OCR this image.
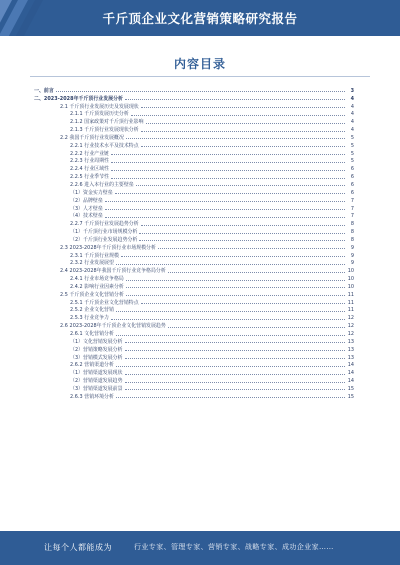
千斤顶企业文化营销策略研究报告
内容目录
一、前言	3
二、2023-2028年千斤顶行业发展分析	4
2.1 千斤顶行业发展历史及发展现状	4
2.1.1 千斤顶发展历史分析	4
2.1.2 国家政策对千斤顶行业影响	4
2.1.3 千斤顶行业发展现状分析	4
2.2 我国千斤顶行业发展概况	5
2.2.1 行业技术水平及技术特点	5
2.2.2 行业产业链	5
2.2.3 行业周期性	5
2.2.4 行业区域性	6
2.2.5 行业季节性	6
2.2.6 进入本行业的主要壁垒	6
（1）资金实力壁垒	6
（2）品牌壁垒	7
（3）人才壁垒	7
（4）技术壁垒	7
2.2.7 千斤顶行业发展趋势分析	8
（1）千斤顶行业市场规模分析	8
（2）千斤顶行业发展趋势分析	8
2.3 2023-2028年千斤顶行业市场规模分析	9
2.3.1 千斤顶行业规模	9
2.3.2 行业发展展望	9
2.4 2023-2028年我国千斤顶行业竞争格局分析	10
2.4.1 行业市场竞争格局	10
2.4.2 影响行业因素分析	10
2.5 千斤顶企业文化营销分析	11
2.5.1 千斤顶企业文化营销特点	11
2.5.2 企业文化营销	11
2.5.3 行业竞争力	12
2.6 2023-2028年千斤顶企业文化营销发展趋势	12
2.6.1 文化营销分析	12
（1）文化营销发展分析	13
（2）营销策略发展分析	13
（3）营销模式发展分析	13
2.6.2 营销渠道分析	14
（1）营销渠道发展现状	14
（2）营销渠道发展趋势	14
（3）营销渠道发展前景	15
2.6.3 营销环境分析	15
让每个人都能成为	行业专家、管理专家、营销专家、战略专家、成功企业家……
